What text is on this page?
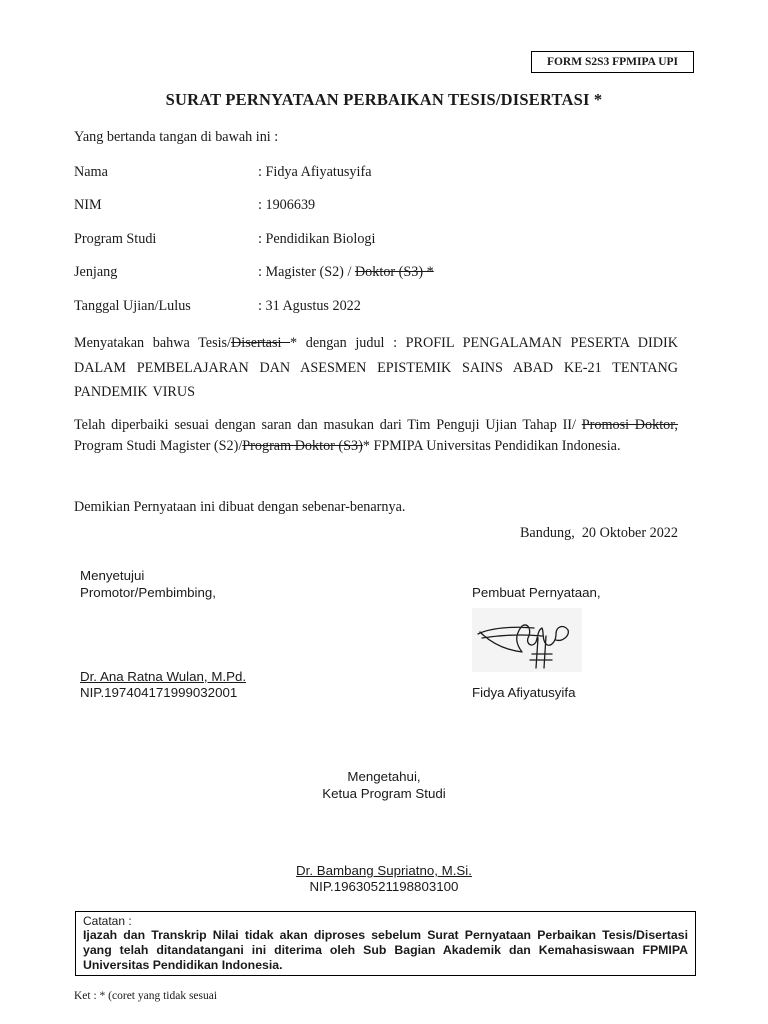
FORM S2S3 FPMIPA UPI
SURAT PERNYATAAN PERBAIKAN TESIS/DISERTASI *
Yang bertanda tangan di bawah ini :
Nama	: Fidya Afiyatusyifa
NIM	: 1906639
Program Studi	: Pendidikan Biologi
Jenjang	: Magister (S2) / Doktor (S3) *
Tanggal Ujian/Lulus	: 31 Agustus 2022
Menyatakan bahwa Tesis/Disertasi * dengan judul : PROFIL PENGALAMAN PESERTA DIDIK DALAM PEMBELAJARAN DAN ASESMEN EPISTEMIK SAINS ABAD KE-21 TENTANG PANDEMIK VIRUS
Telah diperbaiki sesuai dengan saran dan masukan dari Tim Penguji Ujian Tahap II/ Promosi Doktor, Program Studi Magister (S2)/Program Doktor (S3)* FPMIPA Universitas Pendidikan Indonesia.
Demikian Pernyataan ini dibuat dengan sebenar-benarnya.
Bandung,  20 Oktober 2022
Menyetujui
Promotor/Pembimbing,
Dr. Ana Ratna Wulan, M.Pd.
NIP.197404171999032001
Pembuat Pernyataan,
Fidya Afiyatusyifa
Mengetahui,
Ketua Program Studi
Dr. Bambang Supriatno, M.Si.
NIP.19630521198803100
Catatan :
Ijazah dan Transkrip Nilai tidak akan diproses sebelum Surat Pernyataan Perbaikan Tesis/Disertasi yang telah ditandatangani ini diterima oleh Sub Bagian Akademik dan Kemahasiswaan FPMIPA Universitas Pendidikan Indonesia.
Ket : * (coret yang tidak sesuai
